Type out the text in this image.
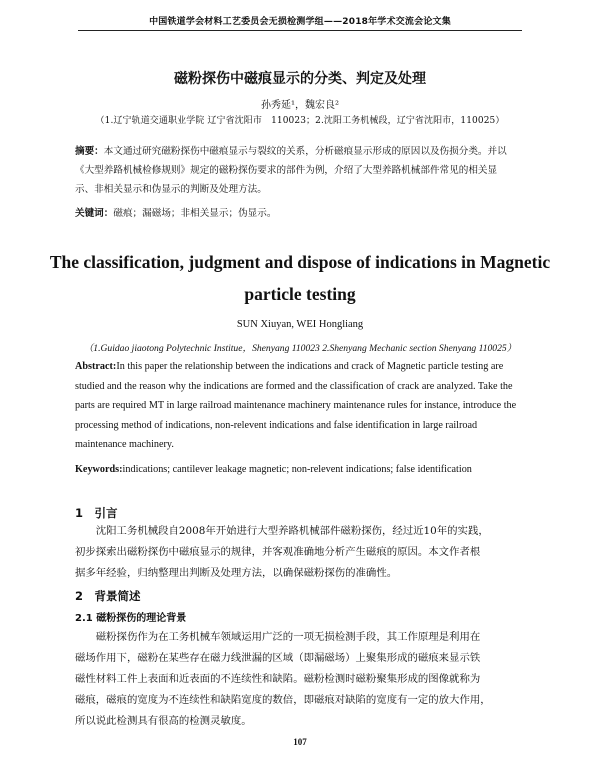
中国铁道学会材料工艺委员会无损检测学组——2018年学术交流会论文集
磁粉探伤中磁痕显示的分类、判定及处理
孙秀延¹，魏宏良²
（1.辽宁轨道交通职业学院 辽宁省沈阳市　110023；2.沈阳工务机械段，辽宁省沈阳市，110025）
摘要：本文通过研究磁粉探伤中磁痕显示与裂纹的关系，分析磁痕显示形成的原因以及伤损分类。并以
《大型养路机械检修规则》规定的磁粉探伤要求的部件为例，介绍了大型养路机械部件常见的相关显
示、非相关显示和伪显示的判断及处理方法。
关键词：磁痕；漏磁场；非相关显示；伪显示。
The classification, judgment and dispose of indications in Magnetic
particle testing
SUN Xiuyan, WEI Hongliang
（1.Guidao jiaotong Polytechnic Institue，Shenyang 110023 2.Shenyang Mechanic section Shenyang 110025）
Abstract:In this paper the relationship between the indications and crack of Magnetic particle testing are
studied and the reason why the indications are formed and the classification of crack are analyzed. Take the
parts are required MT in large railroad maintenance machinery maintenance rules for instance, introduce the
processing method of indications, non-relevent indications and false identification in large railroad
maintenance machinery.
Keywords:indications; cantilever leakage magnetic; non-relevent indications; false identification
1　引言
　　沈阳工务机械段自2008年开始进行大型养路机械部件磁粉探伤，经过近10年的实践，
初步探索出磁粉探伤中磁痕显示的规律，并客观准确地分析产生磁痕的原因。本文作者根
据多年经验，归纳整理出判断及处理方法，以确保磁粉探伤的准确性。
2　背景简述
2.1 磁粉探伤的理论背景
　　磁粉探伤作为在工务机械车领域运用广泛的一项无损检测手段，其工作原理是利用在
磁场作用下，磁粉在某些存在磁力线泄漏的区域（即漏磁场）上聚集形成的磁痕来显示铁
磁性材料工件上表面和近表面的不连续性和缺陷。磁粉检测时磁粉聚集形成的图像就称为
磁痕，磁痕的宽度为不连续性和缺陷宽度的数倍，即磁痕对缺陷的宽度有一定的放大作用，
所以说此检测具有很高的检测灵敏度。
107
